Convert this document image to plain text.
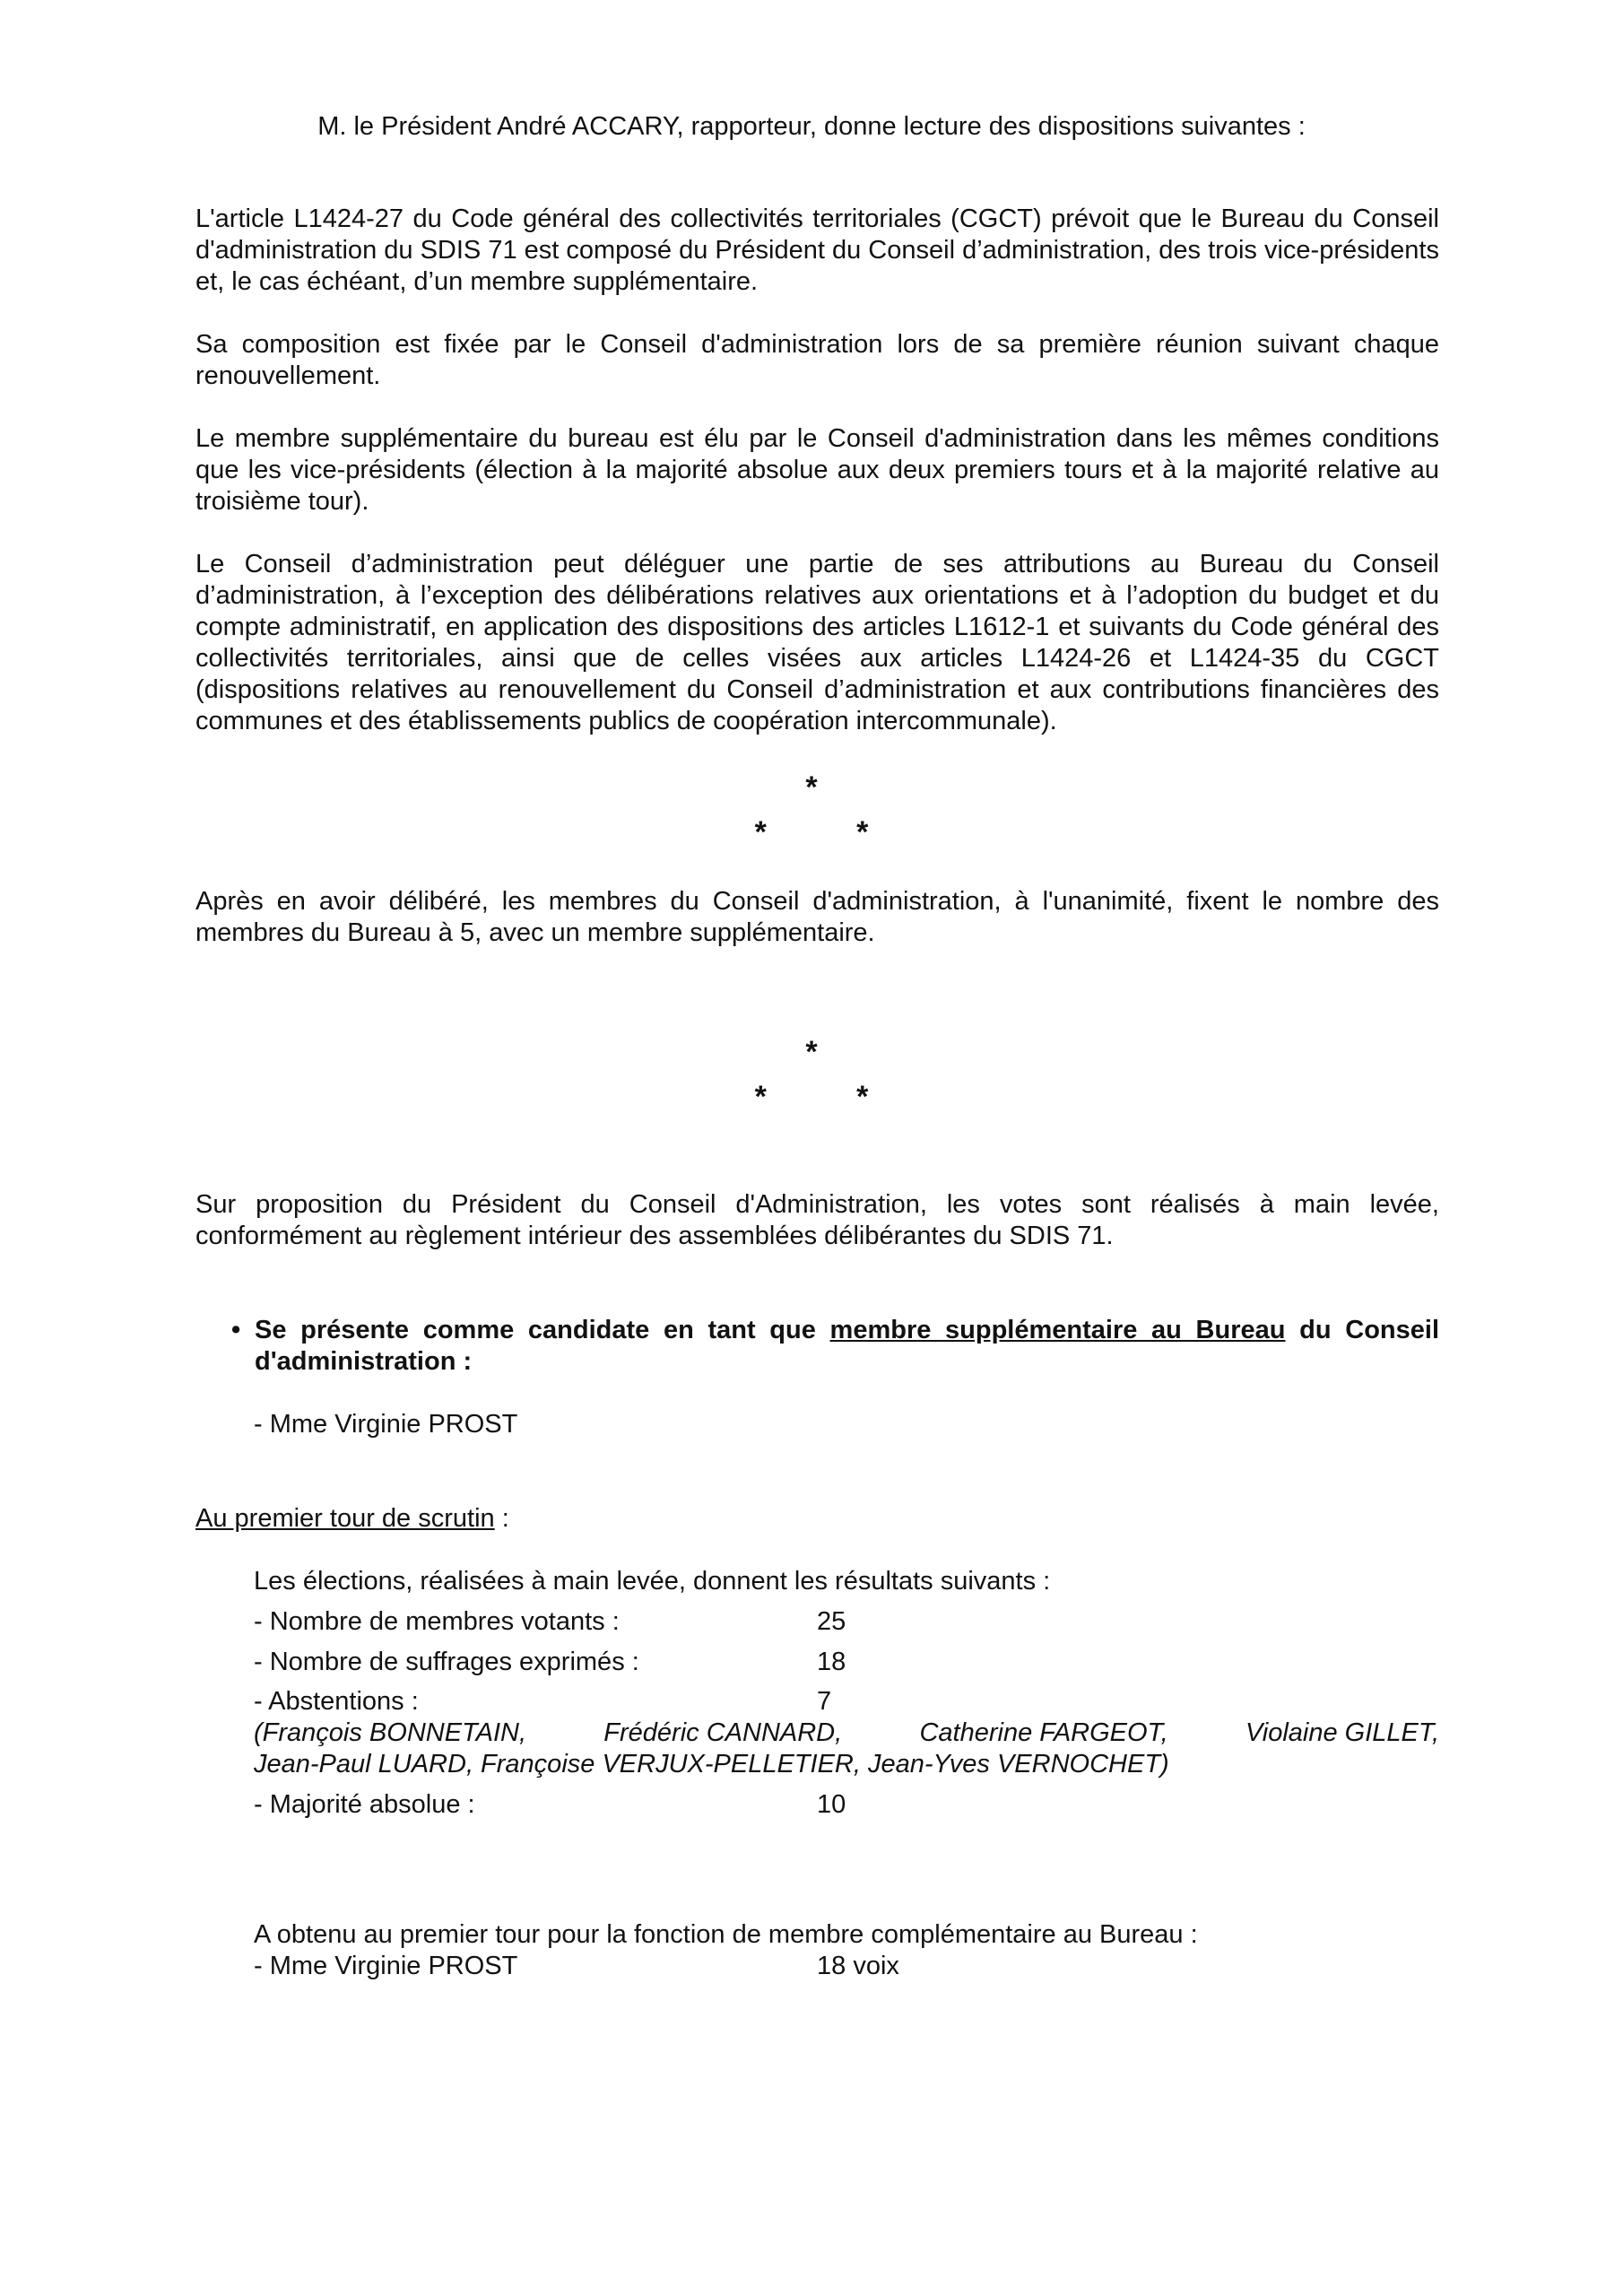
M. le Président André ACCARY, rapporteur, donne lecture des dispositions suivantes :

L'article L1424-27 du Code général des collectivités territoriales (CGCT) prévoit que le Bureau du Conseil d'administration du SDIS 71 est composé du Président du Conseil d’administration, des trois vice-présidents et, le cas échéant, d’un membre supplémentaire.

Sa composition est fixée par le Conseil d'administration lors de sa première réunion suivant chaque renouvellement.

Le membre supplémentaire du bureau est élu par le Conseil d'administration dans les mêmes conditions que les vice-présidents (élection à la majorité absolue aux deux premiers tours et à la majorité relative au troisième tour).

Le Conseil d’administration peut déléguer une partie de ses attributions au Bureau du Conseil d’administration, à l’exception des délibérations relatives aux orientations et à l’adoption du budget et du compte administratif, en application des dispositions des articles L1612-1 et suivants du Code général des collectivités territoriales, ainsi que de celles visées aux articles L1424-26 et L1424-35 du CGCT (dispositions relatives au renouvellement du Conseil d’administration et aux contributions financières des communes et des établissements publics de coopération intercommunale).

*
*   *

Après en avoir délibéré, les membres du Conseil d'administration, à l'unanimité, fixent le nombre des membres du Bureau à 5, avec un membre supplémentaire.

*
*   *

Sur proposition du Président du Conseil d'Administration, les votes sont réalisés à main levée, conformément au règlement intérieur des assemblées délibérantes du SDIS 71.

• Se présente comme candidate en tant que membre supplémentaire au Bureau du Conseil d'administration :
- Mme Virginie PROST
Au premier tour de scrutin :
Les élections, réalisées à main levée, donnent les résultats suivants :
- Nombre de membres votants :	25
- Nombre de suffrages exprimés :	18
- Abstentions :	7
(François BONNETAIN,	Frédéric CANNARD,	Catherine FARGEOT,	Violaine GILLET,
Jean-Paul LUARD, Françoise VERJUX-PELLETIER, Jean-Yves VERNOCHET)
- Majorité absolue :	10
A obtenu au premier tour pour la fonction de membre complémentaire au Bureau :
- Mme Virginie PROST	18 voix
